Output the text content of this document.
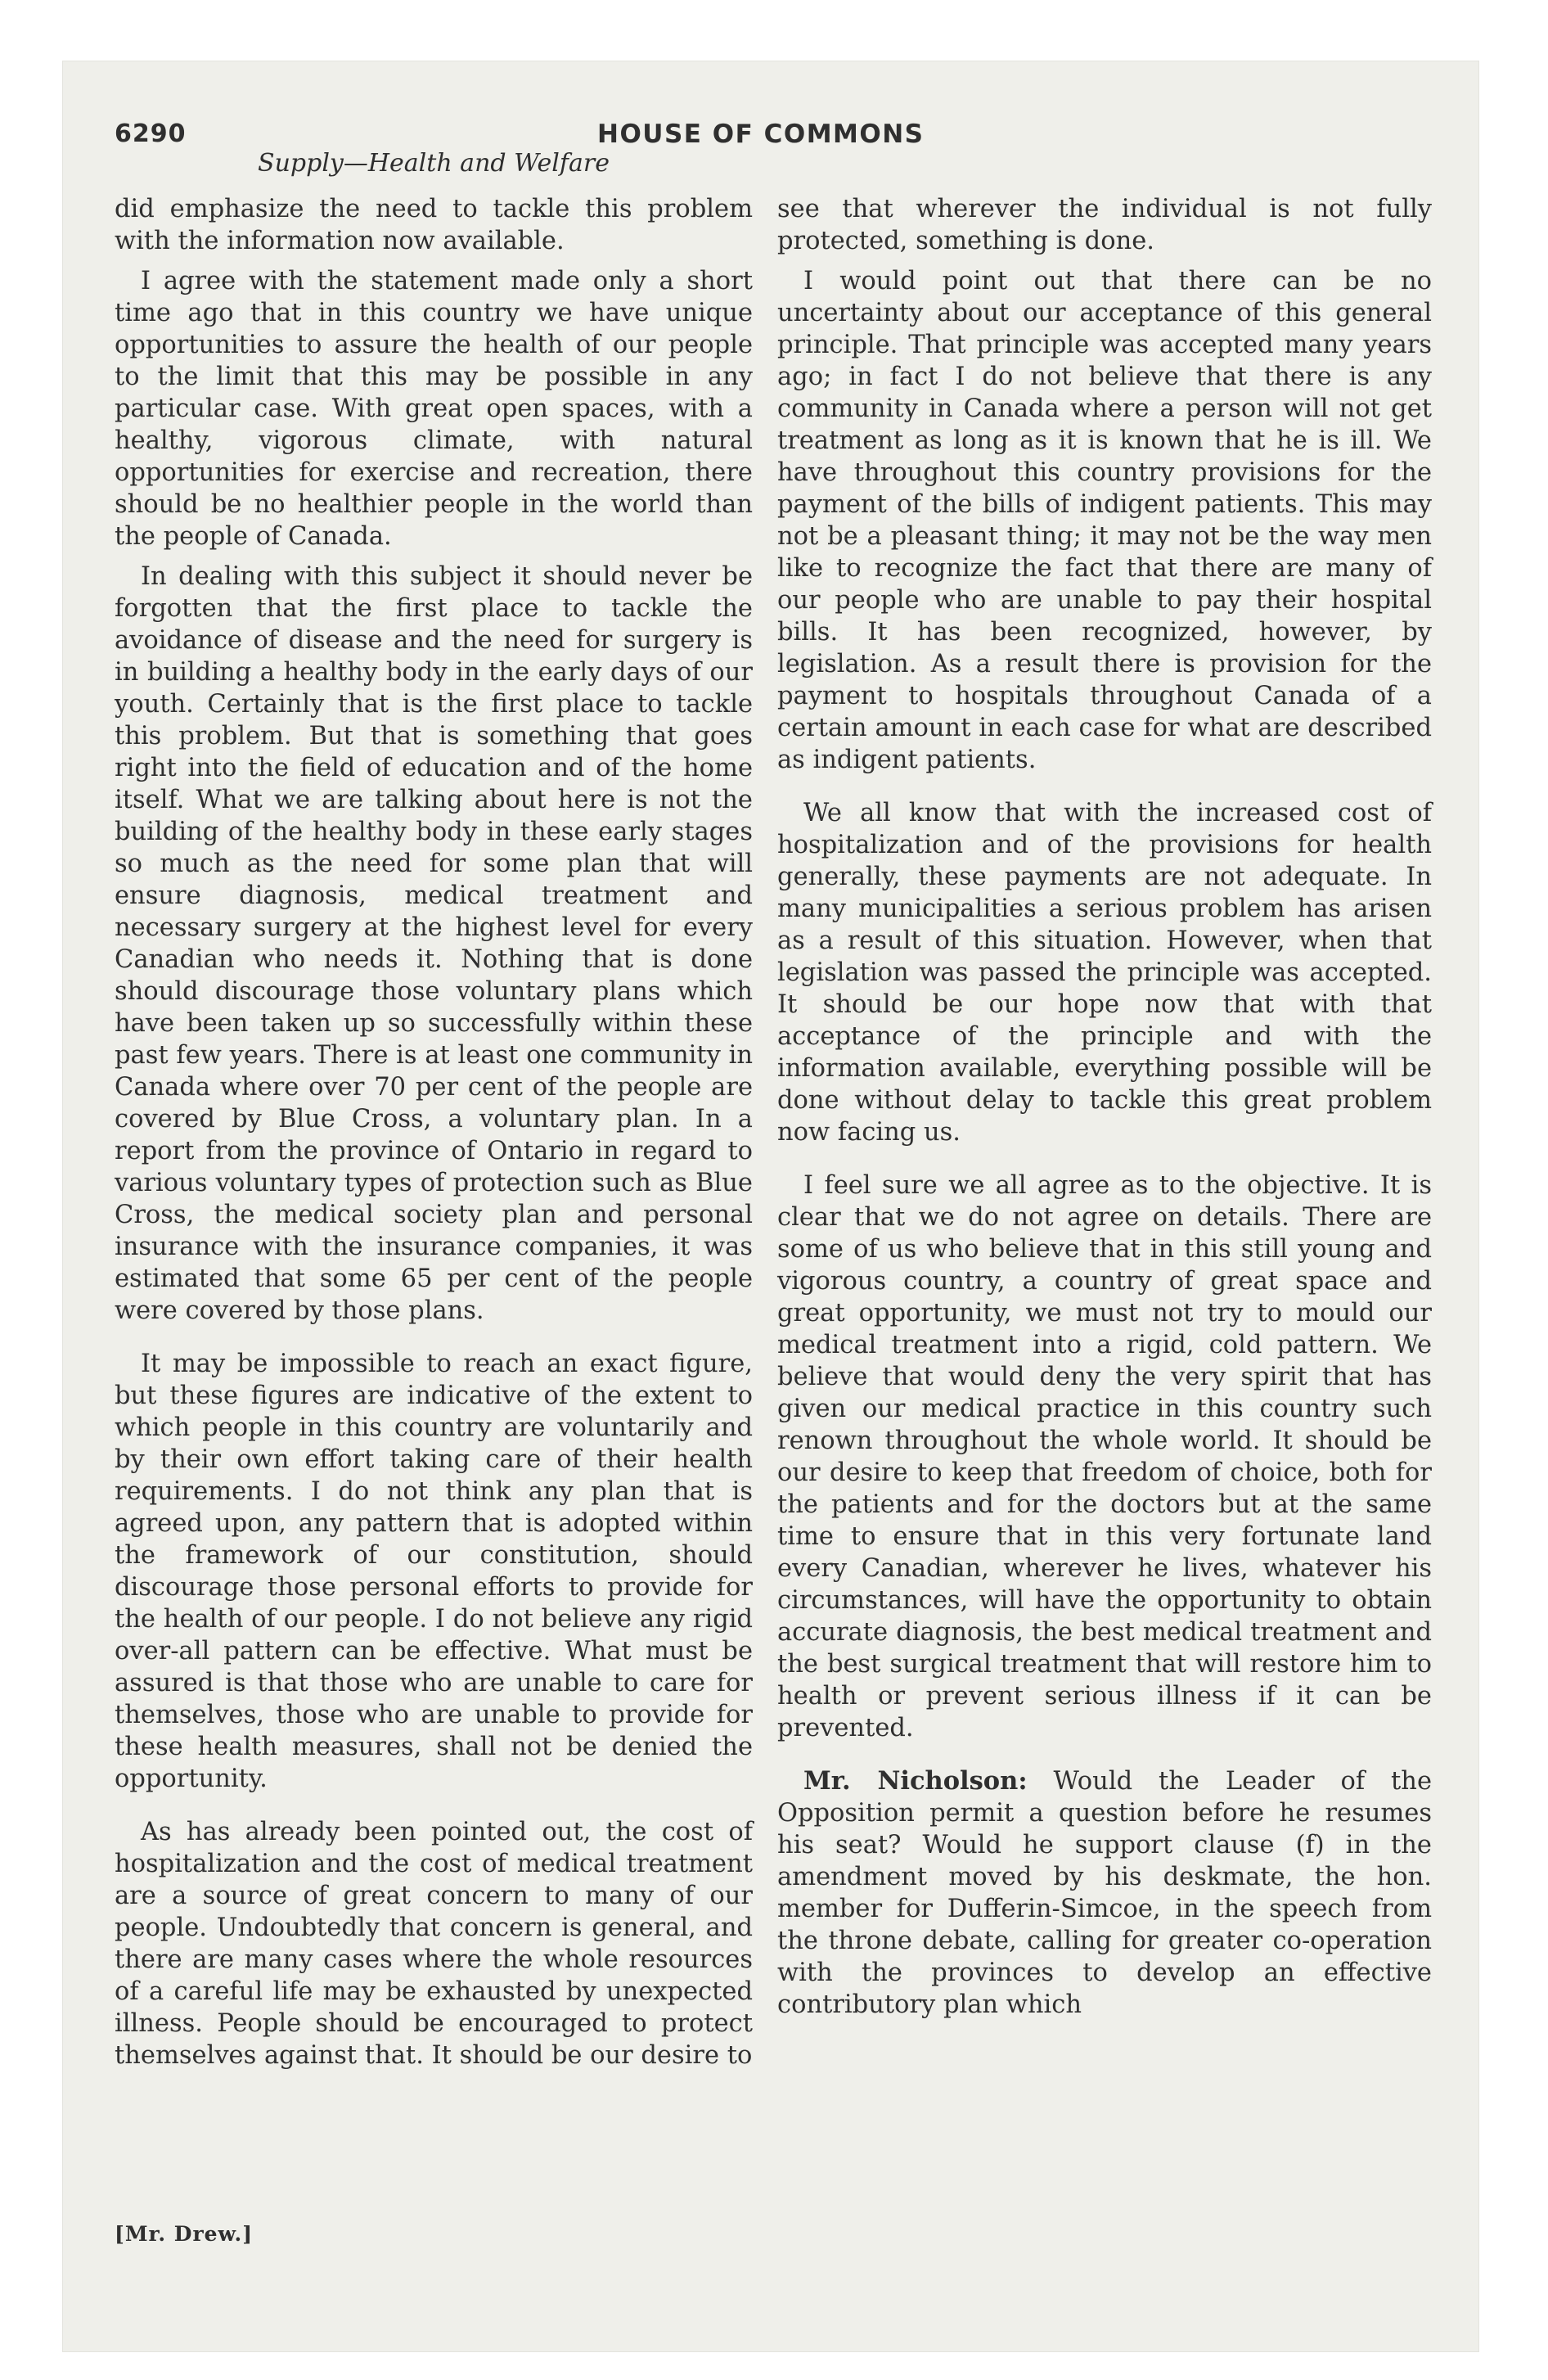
6290	HOUSE OF COMMONS
Supply—Health and Welfare

did emphasize the need to tackle this problem with the information now available.

I agree with the statement made only a short time ago that in this country we have unique opportunities to assure the health of our people to the limit that this may be possible in any particular case. With great open spaces, with a healthy, vigorous climate, with natural opportunities for exercise and recreation, there should be no healthier people in the world than the people of Canada.

In dealing with this subject it should never be forgotten that the first place to tackle the avoidance of disease and the need for surgery is in building a healthy body in the early days of our youth. Certainly that is the first place to tackle this problem. But that is something that goes right into the field of education and of the home itself. What we are talking about here is not the building of the healthy body in these early stages so much as the need for some plan that will ensure diagnosis, medical treatment and necessary surgery at the highest level for every Canadian who needs it. Nothing that is done should discourage those voluntary plans which have been taken up so successfully within these past few years. There is at least one community in Canada where over 70 per cent of the people are covered by Blue Cross, a voluntary plan. In a report from the province of Ontario in regard to various voluntary types of protection such as Blue Cross, the medical society plan and personal insurance with the insurance companies, it was estimated that some 65 per cent of the people were covered by those plans.

It may be impossible to reach an exact figure, but these figures are indicative of the extent to which people in this country are voluntarily and by their own effort taking care of their health requirements. I do not think any plan that is agreed upon, any pattern that is adopted within the framework of our constitution, should discourage those personal efforts to provide for the health of our people. I do not believe any rigid over-all pattern can be effective. What must be assured is that those who are unable to care for themselves, those who are unable to provide for these health measures, shall not be denied the opportunity.

As has already been pointed out, the cost of hospitalization and the cost of medical treatment are a source of great concern to many of our people. Undoubtedly that concern is general, and there are many cases where the whole resources of a careful life may be exhausted by unexpected illness. People should be encouraged to protect themselves against that. It should be our desire to

see that wherever the individual is not fully protected, something is done.

I would point out that there can be no uncertainty about our acceptance of this general principle. That principle was accepted many years ago; in fact I do not believe that there is any community in Canada where a person will not get treatment as long as it is known that he is ill. We have throughout this country provisions for the payment of the bills of indigent patients. This may not be a pleasant thing; it may not be the way men like to recognize the fact that there are many of our people who are unable to pay their hospital bills. It has been recognized, however, by legislation. As a result there is provision for the payment to hospitals throughout Canada of a certain amount in each case for what are described as indigent patients.

We all know that with the increased cost of hospitalization and of the provisions for health generally, these payments are not adequate. In many municipalities a serious problem has arisen as a result of this situation. However, when that legislation was passed the principle was accepted. It should be our hope now that with that acceptance of the principle and with the information available, everything possible will be done without delay to tackle this great problem now facing us.

I feel sure we all agree as to the objective. It is clear that we do not agree on details. There are some of us who believe that in this still young and vigorous country, a country of great space and great opportunity, we must not try to mould our medical treatment into a rigid, cold pattern. We believe that would deny the very spirit that has given our medical practice in this country such renown throughout the whole world. It should be our desire to keep that freedom of choice, both for the patients and for the doctors but at the same time to ensure that in this very fortunate land every Canadian, wherever he lives, whatever his circumstances, will have the opportunity to obtain accurate diagnosis, the best medical treatment and the best surgical treatment that will restore him to health or prevent serious illness if it can be prevented.

Mr. Nicholson: Would the Leader of the Opposition permit a question before he resumes his seat? Would he support clause (f) in the amendment moved by his deskmate, the hon. member for Dufferin-Simcoe, in the speech from the throne debate, calling for greater co-operation with the provinces to develop an effective contributory plan which

[Mr. Drew.]
